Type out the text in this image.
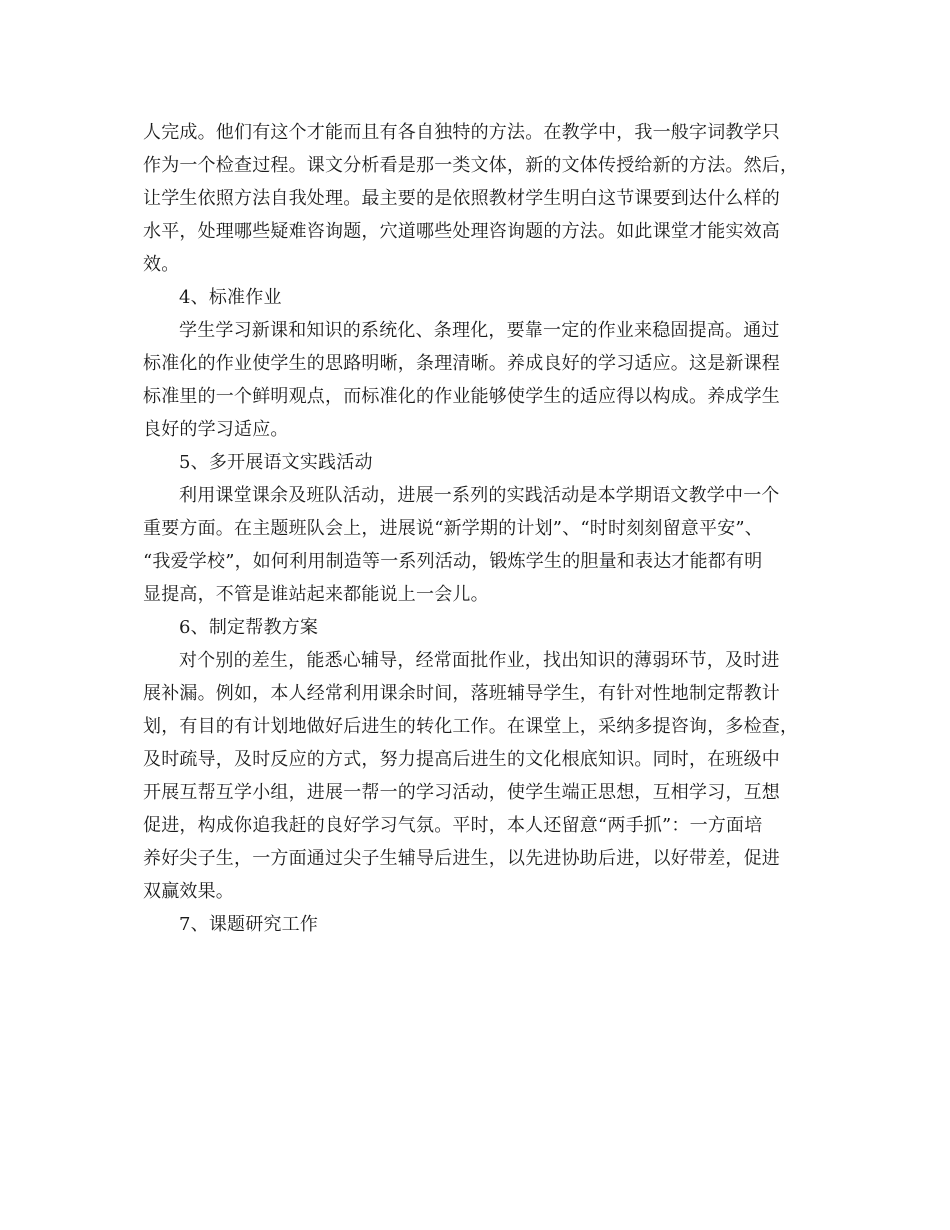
人完成。他们有这个才能而且有各自独特的方法。在教学中，我一般字词教学只
作为一个检查过程。课文分析看是那一类文体，新的文体传授给新的方法。然后，
让学生依照方法自我处理。最主要的是依照教材学生明白这节课要到达什么样的
水平，处理哪些疑难咨询题，穴道哪些处理咨询题的方法。如此课堂才能实效高
效。
4、标准作业
学生学习新课和知识的系统化、条理化，要靠一定的作业来稳固提高。通过
标准化的作业使学生的思路明晰，条理清晰。养成良好的学习适应。这是新课程
标准里的一个鲜明观点，而标准化的作业能够使学生的适应得以构成。养成学生
良好的学习适应。
5、多开展语文实践活动
利用课堂课余及班队活动，进展一系列的实践活动是本学期语文教学中一个
重要方面。在主题班队会上，进展说“新学期的计划”、“时时刻刻留意平安”、
“我爱学校”，如何利用制造等一系列活动，锻炼学生的胆量和表达才能都有明
显提高，不管是谁站起来都能说上一会儿。
6、制定帮教方案
对个别的差生，能悉心辅导，经常面批作业，找出知识的薄弱环节，及时进
展补漏。例如，本人经常利用课余时间，落班辅导学生，有针对性地制定帮教计
划，有目的有计划地做好后进生的转化工作。在课堂上，采纳多提咨询，多检查，
及时疏导，及时反应的方式，努力提高后进生的文化根底知识。同时，在班级中
开展互帮互学小组，进展一帮一的学习活动，使学生端正思想，互相学习，互想
促进，构成你追我赶的良好学习气氛。平时，本人还留意“两手抓”：一方面培
养好尖子生，一方面通过尖子生辅导后进生，以先进协助后进，以好带差，促进
双赢效果。
7、课题研究工作
